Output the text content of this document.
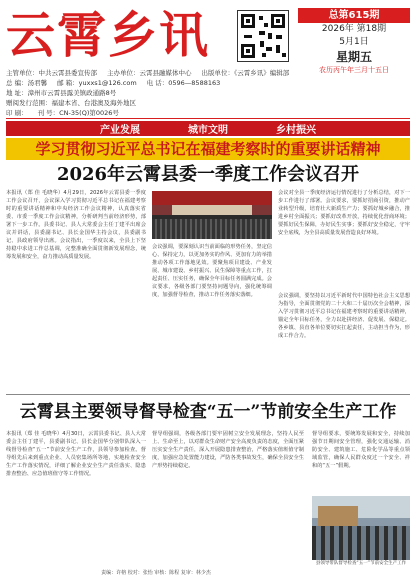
云霄乡讯	总第615期
2026年 第18期
5月1日
星期五
农历丙午年三月十五日
主管单位：中共云霄县委宣传部 主办单位：云霄县融媒体中心 出版单位：《云霄乡讯》编辑部
总 编：汤君馨 邮 箱：yuxxs1@126.com 电 话：0596—8588163
地 址：漳州市云霄县露美镇政通路8号
赠阅发行范围：福建本省、台港澳及海外地区
印 刷： 刊 号：CN-35(Q)第0026号
产业发展	城市文明	乡村振兴
学习贯彻习近平总书记在福建考察时的重要讲话精神
2026年云霄县委一季度工作会议召开
本报讯（郑 佳 毛晓华）4月29日，2026年云霄县委一季度工作会议召开，会议深入学习贯彻习近平总书记在福建考察时的重要讲话精神和中央经济工作会议精神，认真落实省委、市委一季度工作会议精神，分析研判当前经济形势，部署下一步工作。县委书记、县人大常委会主任丁建平出席会议并讲话，县委副书记、县长金国华主持会议，县委副书记、县政府领导出席。会议指出，一季度以来，全县上下坚持稳中求进工作总基调，完整准确全面贯彻新发展理念，统筹发展和安全，奋力推动高质量发展。
会议强调，要深刻认识当前面临的形势任务，坚定信心、保持定力，以更加务实的作风、更加有力的举措推动各项工作落地见效。要聚焦项目建设、产业发展、城市建设、乡村振兴、民生保障等重点工作，扛起责任、压实任务，确保全年目标任务圆满完成。会议要求，各级各部门要坚持问题导向，强化统筹调度，加强督导检查，推动工作任务落实落细。
会议对全县一季度经济运行情况进行了分析总结，对下一步工作进行了部署。会议要求，要抓好招商引资，推动产业转型升级，培育壮大新质生产力；要抓好城乡融合，推进乡村全面振兴；要抓好改革开放，持续优化营商环境；要抓好民生保障，办好民生实事；要抓好安全稳定，守牢安全底线，为全县高质量发展营造良好环境。
会议强调，要坚持以习近平新时代中国特色社会主义思想为指导，全面贯彻党的二十大和二十届历次全会精神，深入学习贯彻习近平总书记在福建考察时的重要讲话精神，锚定全年目标任务，全力以赴拼经济、促发展、保稳定。各乡镇、县直各单位要切实扛起责任，主动担当作为，形成工作合力。
云霄县主要领导督导检查“五一”节前安全生产工作
本报讯（郑 佳 毛晓华）4月30日，云霄县委书记、县人大常委会主任丁建平，县委副书记、县长金国华分别带队深入一线督导检查“五一”节前安全生产工作，县领导参加检查。督导组先后来到重点企业、人员密集场所等地，实地检查安全生产工作落实情况，详细了解企业安全生产责任落实、隐患排查整治、应急值班值守等工作情况。
督导组强调，各级各部门要牢固树立安全发展理念，坚持人民至上、生命至上，以对群众生命财产安全高度负责的态度，全面压紧压实安全生产责任，深入开展隐患排查整治，严格落实值班值守制度，加强应急处置能力建设，严防各类事故发生，确保全县安全生产形势持续稳定。
督导组要求，要统筹发展和安全，持续加强节日期间安全管理，强化交通运输、消防安全、建筑施工、危险化学品等重点领域监管，确保人民群众度过一个安全、祥和的“五一”假期。
县领导带队督导检查“五一”节前安全生产工作
责编：许榕 校对：张怡 审核：陈程 复审：林少杰
